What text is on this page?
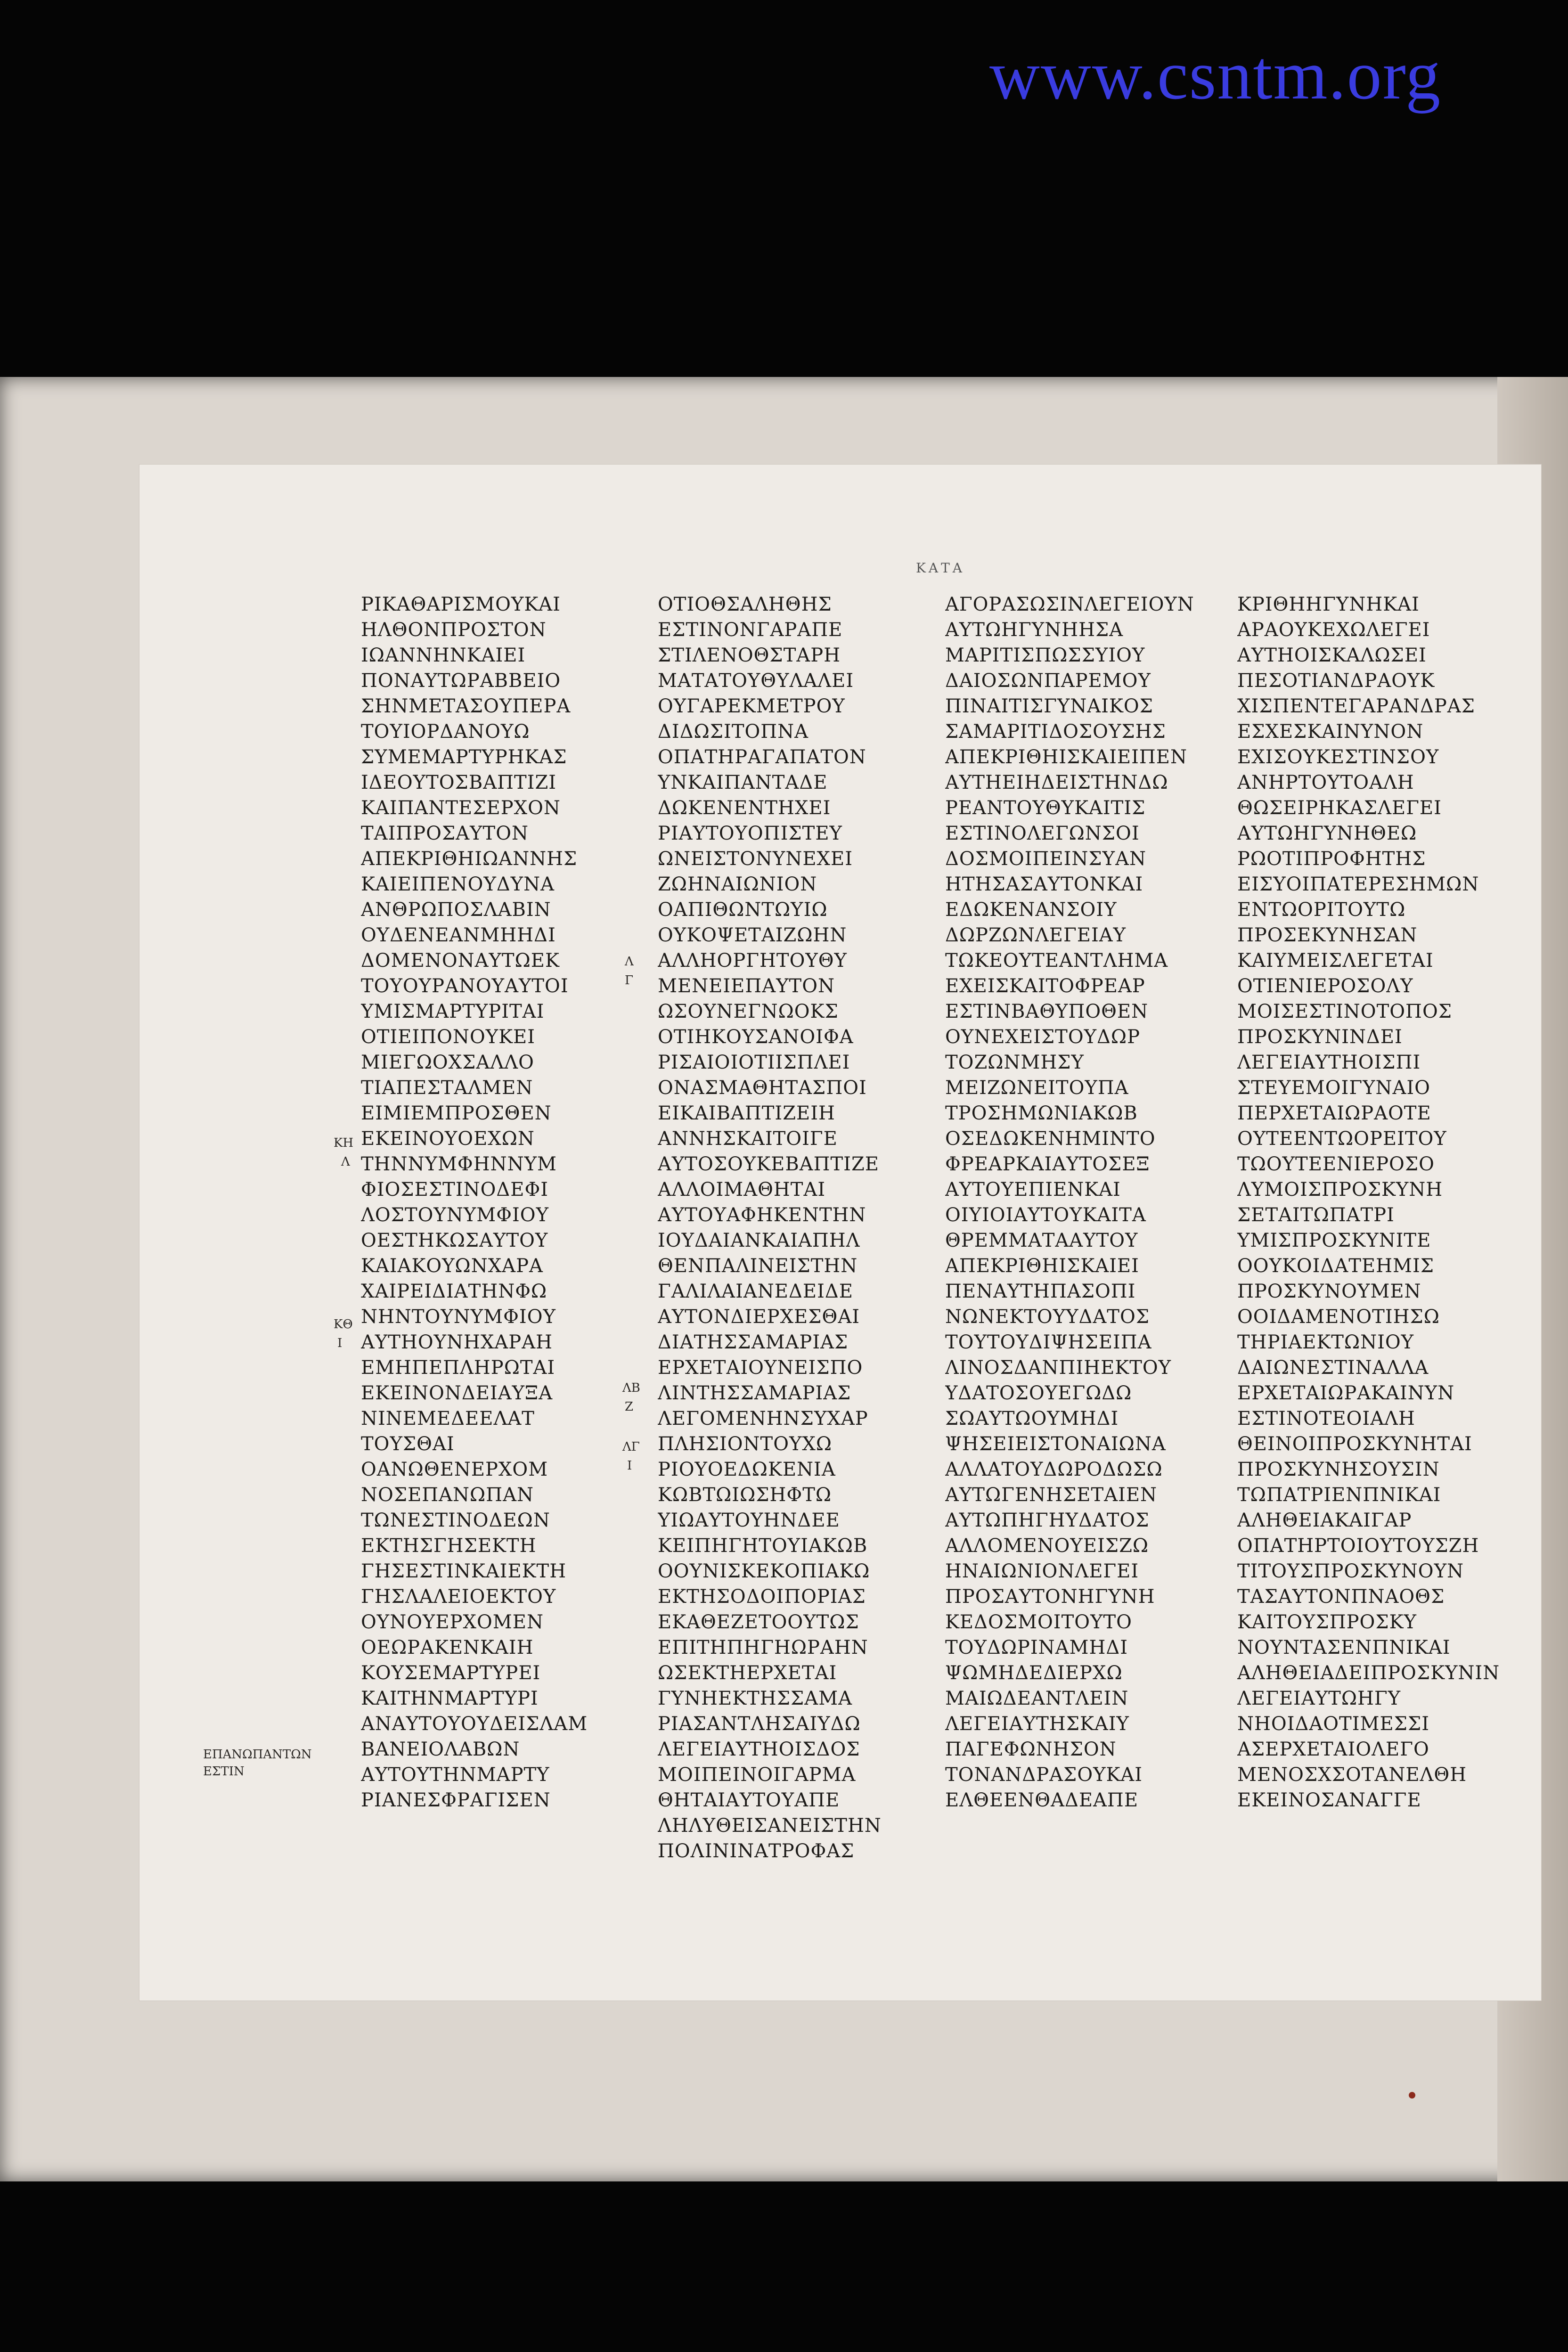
www.csntm.org
ΚΑΤΑ
ΡΙΚΑΘΑΡΙΣΜΟΥΚΑΙ
ΗΛΘΟΝΠΡΟΣΤΟΝ
ΙΩΑΝΝΗΝΚΑΙΕΙ
ΠΟΝΑΥΤΩΡΑΒΒΕΙΟ
ΣΗΝΜΕΤΑΣΟΥΠΕΡΑ
ΤΟΥΙΟΡΔΑΝΟΥΩ
ΣΥΜΕΜΑΡΤΥΡΗΚΑΣ
ΙΔΕΟΥΤΟΣΒΑΠΤΙΖΙ
ΚΑΙΠΑΝΤΕΣΕΡΧΟΝ
ΤΑΙΠΡΟΣΑΥΤΟΝ
ΑΠΕΚΡΙΘΗΙΩΑΝΝΗΣ
ΚΑΙΕΙΠΕΝΟΥΔΥΝΑ
ΑΝΘΡΩΠΟΣΛΑΒΙΝ
ΟΥΔΕΝΕΑΝΜΗΗΔΙ
ΔΟΜΕΝΟΝΑΥΤΩΕΚ
ΤΟΥΟΥΡΑΝΟΥΑΥΤΟΙ
ΥΜΙΣΜΑΡΤΥΡΙΤΑΙ
ΟΤΙΕΙΠΟΝΟΥΚΕΙ
ΜΙΕΓΩΟΧΣΑΛΛΟ
ΤΙΑΠΕΣΤΑΛΜΕΝ
ΕΙΜΙΕΜΠΡΟΣΘΕΝ
ΕΚΕΙΝΟΥΟΕΧΩΝ
ΤΗΝΝΥΜΦΗΝΝΥΜ
ΦΙΟΣΕΣΤΙΝΟΔΕΦΙ
ΛΟΣΤΟΥΝΥΜΦΙΟΥ
ΟΕΣΤΗΚΩΣΑΥΤΟΥ
ΚΑΙΑΚΟΥΩΝΧΑΡΑ
ΧΑΙΡΕΙΔΙΑΤΗΝΦΩ
ΝΗΝΤΟΥΝΥΜΦΙΟΥ
ΑΥΤΗΟΥΝΗΧΑΡΑΗ
ΕΜΗΠΕΠΛΗΡΩΤΑΙ
ΕΚΕΙΝΟΝΔΕΙΑΥΞΑ
ΝΙΝΕΜΕΔΕΕΛΑΤ
ΤΟΥΣΘΑΙ
ΟΑΝΩΘΕΝΕΡΧΟΜ
ΝΟΣΕΠΑΝΩΠΑΝ
ΤΩΝΕΣΤΙΝΟΔΕΩΝ
ΕΚΤΗΣΓΗΣΕΚΤΗ
ΓΗΣΕΣΤΙΝΚΑΙΕΚΤΗ
ΓΗΣΛΑΛΕΙΟΕΚΤΟΥ
ΟΥΝΟΥΕΡΧΟΜΕΝ
ΟΕΩΡΑΚΕΝΚΑΙΗ
ΚΟΥΣΕΜΑΡΤΥΡΕΙ
ΚΑΙΤΗΝΜΑΡΤΥΡΙ
ΑΝΑΥΤΟΥΟΥΔΕΙΣΛΑΜ
ΒΑΝΕΙΟΛΑΒΩΝ
ΑΥΤΟΥΤΗΝΜΑΡΤΥ
ΡΙΑΝΕΣΦΡΑΓΙΣΕΝ
ΟΤΙΟΘΣΑΛΗΘΗΣ
ΕΣΤΙΝΟΝΓΑΡΑΠΕ
ΣΤΙΛΕΝΟΘΣΤΑΡΗ
ΜΑΤΑΤΟΥΘΥΛΑΛΕΙ
ΟΥΓΑΡΕΚΜΕΤΡΟΥ
ΔΙΔΩΣΙΤΟΠΝΑ
ΟΠΑΤΗΡΑΓΑΠΑΤΟΝ
ΥΝΚΑΙΠΑΝΤΑΔΕ
ΔΩΚΕΝΕΝΤΗΧΕΙ
ΡΙΑΥΤΟΥΟΠΙΣΤΕΥ
ΩΝΕΙΣΤΟΝΥΝΕΧΕΙ
ΖΩΗΝΑΙΩΝΙΟΝ
ΟΑΠΙΘΩΝΤΩΥΙΩ
ΟΥΚΟΨΕΤΑΙΖΩΗΝ
ΑΛΛΗΟΡΓΗΤΟΥΘΥ
ΜΕΝΕΙΕΠΑΥΤΟΝ
ΩΣΟΥΝΕΓΝΩΟΚΣ
ΟΤΙΗΚΟΥΣΑΝΟΙΦΑ
ΡΙΣΑΙΟΙΟΤΙΙΣΠΛΕΙ
ΟΝΑΣΜΑΘΗΤΑΣΠΟΙ
ΕΙΚΑΙΒΑΠΤΙΖΕΙΗ
ΑΝΝΗΣΚΑΙΤΟΙΓΕ
ΑΥΤΟΣΟΥΚΕΒΑΠΤΙΖΕ
ΑΛΛΟΙΜΑΘΗΤΑΙ
ΑΥΤΟΥΑΦΗΚΕΝΤΗΝ
ΙΟΥΔΑΙΑΝΚΑΙΑΠΗΛ
ΘΕΝΠΑΛΙΝΕΙΣΤΗΝ
ΓΑΛΙΛΑΙΑΝΕΔΕΙΔΕ
ΑΥΤΟΝΔΙΕΡΧΕΣΘΑΙ
ΔΙΑΤΗΣΣΑΜΑΡΙΑΣ
ΕΡΧΕΤΑΙΟΥΝΕΙΣΠΟ
ΛΙΝΤΗΣΣΑΜΑΡΙΑΣ
ΛΕΓΟΜΕΝΗΝΣΥΧΑΡ
ΠΛΗΣΙΟΝΤΟΥΧΩ
ΡΙΟΥΟΕΔΩΚΕΝΙΑ
ΚΩΒΤΩΙΩΣΗΦΤΩ
ΥΙΩΑΥΤΟΥΗΝΔΕΕ
ΚΕΙΠΗΓΗΤΟΥΙΑΚΩΒ
ΟΟΥΝΙΣΚΕΚΟΠΙΑΚΩ
ΕΚΤΗΣΟΔΟΙΠΟΡΙΑΣ
ΕΚΑΘΕΖΕΤΟΟΥΤΩΣ
ΕΠΙΤΗΠΗΓΗΩΡΑΗΝ
ΩΣΕΚΤΗΕΡΧΕΤΑΙ
ΓΥΝΗΕΚΤΗΣΣΑΜΑ
ΡΙΑΣΑΝΤΛΗΣΑΙΥΔΩ
ΛΕΓΕΙΑΥΤΗΟΙΣΔΟΣ
ΜΟΙΠΕΙΝΟΙΓΑΡΜΑ
ΘΗΤΑΙΑΥΤΟΥΑΠΕ
ΛΗΛΥΘΕΙΣΑΝΕΙΣΤΗΝ
ΠΟΛΙΝΙΝΑΤΡΟΦΑΣ
ΑΓΟΡΑΣΩΣΙΝΛΕΓΕΙΟΥΝ
ΑΥΤΩΗΓΥΝΗΗΣΑ
ΜΑΡΙΤΙΣΠΩΣΣΥΙΟΥ
ΔΑΙΟΣΩΝΠΑΡΕΜΟΥ
ΠΙΝΑΙΤΙΣΓΥΝΑΙΚΟΣ
ΣΑΜΑΡΙΤΙΔΟΣΟΥΣΗΣ
ΑΠΕΚΡΙΘΗΙΣΚΑΙΕΙΠΕΝ
ΑΥΤΗΕΙΗΔΕΙΣΤΗΝΔΩ
ΡΕΑΝΤΟΥΘΥΚΑΙΤΙΣ
ΕΣΤΙΝΟΛΕΓΩΝΣΟΙ
ΔΟΣΜΟΙΠΕΙΝΣΥΑΝ
ΗΤΗΣΑΣΑΥΤΟΝΚΑΙ
ΕΔΩΚΕΝΑΝΣΟΙΥ
ΔΩΡΖΩΝΛΕΓΕΙΑΥ
ΤΩΚΕΟΥΤΕΑΝΤΛΗΜΑ
ΕΧΕΙΣΚΑΙΤΟΦΡΕΑΡ
ΕΣΤΙΝΒΑΘΥΠΟΘΕΝ
ΟΥΝΕΧΕΙΣΤΟΥΔΩΡ
ΤΟΖΩΝΜΗΣΥ
ΜΕΙΖΩΝΕΙΤΟΥΠΑ
ΤΡΟΣΗΜΩΝΙΑΚΩΒ
ΟΣΕΔΩΚΕΝΗΜΙΝΤΟ
ΦΡΕΑΡΚΑΙΑΥΤΟΣΕΞ
ΑΥΤΟΥΕΠΙΕΝΚΑΙ
ΟΙΥΙΟΙΑΥΤΟΥΚΑΙΤΑ
ΘΡΕΜΜΑΤΑΑΥΤΟΥ
ΑΠΕΚΡΙΘΗΙΣΚΑΙΕΙ
ΠΕΝΑΥΤΗΠΑΣΟΠΙ
ΝΩΝΕΚΤΟΥΥΔΑΤΟΣ
ΤΟΥΤΟΥΔΙΨΗΣΕΙΠΑ
ΛΙΝΟΣΔΑΝΠΙΗΕΚΤΟΥ
ΥΔΑΤΟΣΟΥΕΓΩΔΩ
ΣΩΑΥΤΩΟΥΜΗΔΙ
ΨΗΣΕΙΕΙΣΤΟΝΑΙΩΝΑ
ΑΛΛΑΤΟΥΔΩΡΟΔΩΣΩ
ΑΥΤΩΓΕΝΗΣΕΤΑΙΕΝ
ΑΥΤΩΠΗΓΗΥΔΑΤΟΣ
ΑΛΛΟΜΕΝΟΥΕΙΣΖΩ
ΗΝΑΙΩΝΙΟΝΛΕΓΕΙ
ΠΡΟΣΑΥΤΟΝΗΓΥΝΗ
ΚΕΔΟΣΜΟΙΤΟΥΤΟ
ΤΟΥΔΩΡΙΝΑΜΗΔΙ
ΨΩΜΗΔΕΔΙΕΡΧΩ
ΜΑΙΩΔΕΑΝΤΛΕΙΝ
ΛΕΓΕΙΑΥΤΗΣΚΑΙΥ
ΠΑΓΕΦΩΝΗΣΟΝ
ΤΟΝΑΝΔΡΑΣΟΥΚΑΙ
ΕΛΘΕΕΝΘΑΔΕΑΠΕ
ΚΡΙΘΗΗΓΥΝΗΚΑΙ
ΑΡΑΟΥΚΕΧΩΛΕΓΕΙ
ΑΥΤΗΟΙΣΚΑΛΩΣΕΙ
ΠΕΣΟΤΙΑΝΔΡΑΟΥΚ
ΧΙΣΠΕΝΤΕΓΑΡΑΝΔΡΑΣ
ΕΣΧΕΣΚΑΙΝΥΝΟΝ
ΕΧΙΣΟΥΚΕΣΤΙΝΣΟΥ
ΑΝΗΡΤΟΥΤΟΑΛΗ
ΘΩΣΕΙΡΗΚΑΣΛΕΓΕΙ
ΑΥΤΩΗΓΥΝΗΘΕΩ
ΡΩΟΤΙΠΡΟΦΗΤΗΣ
ΕΙΣΥΟΙΠΑΤΕΡΕΣΗΜΩΝ
ΕΝΤΩΟΡΙΤΟΥΤΩ
ΠΡΟΣΕΚΥΝΗΣΑΝ
ΚΑΙΥΜΕΙΣΛΕΓΕΤΑΙ
ΟΤΙΕΝΙΕΡΟΣΟΛΥ
ΜΟΙΣΕΣΤΙΝΟΤΟΠΟΣ
ΠΡΟΣΚΥΝΙΝΔΕΙ
ΛΕΓΕΙΑΥΤΗΟΙΣΠΙ
ΣΤΕΥΕΜΟΙΓΥΝΑΙΟ
ΠΕΡΧΕΤΑΙΩΡΑΟΤΕ
ΟΥΤΕΕΝΤΩΟΡΕΙΤΟΥ
ΤΩΟΥΤΕΕΝΙΕΡΟΣΟ
ΛΥΜΟΙΣΠΡΟΣΚΥΝΗ
ΣΕΤΑΙΤΩΠΑΤΡΙ
ΥΜΙΣΠΡΟΣΚΥΝΙΤΕ
ΟΟΥΚΟΙΔΑΤΕΗΜΙΣ
ΠΡΟΣΚΥΝΟΥΜΕΝ
ΟΟΙΔΑΜΕΝΟΤΙΗΣΩ
ΤΗΡΙΑΕΚΤΩΝΙΟΥ
ΔΑΙΩΝΕΣΤΙΝΑΛΛΑ
ΕΡΧΕΤΑΙΩΡΑΚΑΙΝΥΝ
ΕΣΤΙΝΟΤΕΟΙΑΛΗ
ΘΕΙΝΟΙΠΡΟΣΚΥΝΗΤΑΙ
ΠΡΟΣΚΥΝΗΣΟΥΣΙΝ
ΤΩΠΑΤΡΙΕΝΠΝΙΚΑΙ
ΑΛΗΘΕΙΑΚΑΙΓΑΡ
ΟΠΑΤΗΡΤΟΙΟΥΤΟΥΣΖΗ
ΤΙΤΟΥΣΠΡΟΣΚΥΝΟΥΝ
ΤΑΣΑΥΤΟΝΠΝΑΟΘΣ
ΚΑΙΤΟΥΣΠΡΟΣΚΥ
ΝΟΥΝΤΑΣΕΝΠΝΙΚΑΙ
ΑΛΗΘΕΙΑΔΕΙΠΡΟΣΚΥΝΙΝ
ΛΕΓΕΙΑΥΤΩΗΓΥ
ΝΗΟΙΔΑΟΤΙΜΕΣΣΙ
ΑΣΕΡΧΕΤΑΙΟΛΕΓΟ
ΜΕΝΟΣΧΣΟΤΑΝΕΛΘΗ
ΕΚΕΙΝΟΣΑΝΑΓΓΕ
Λ
Γ
ΚΗ
Λ
ΚΘ
Ι
ΛΒ
Ζ
ΛΓ
Ι
ΕΠΑΝΩΠΑΝΤΩΝ
ΕΣΤΙΝ
